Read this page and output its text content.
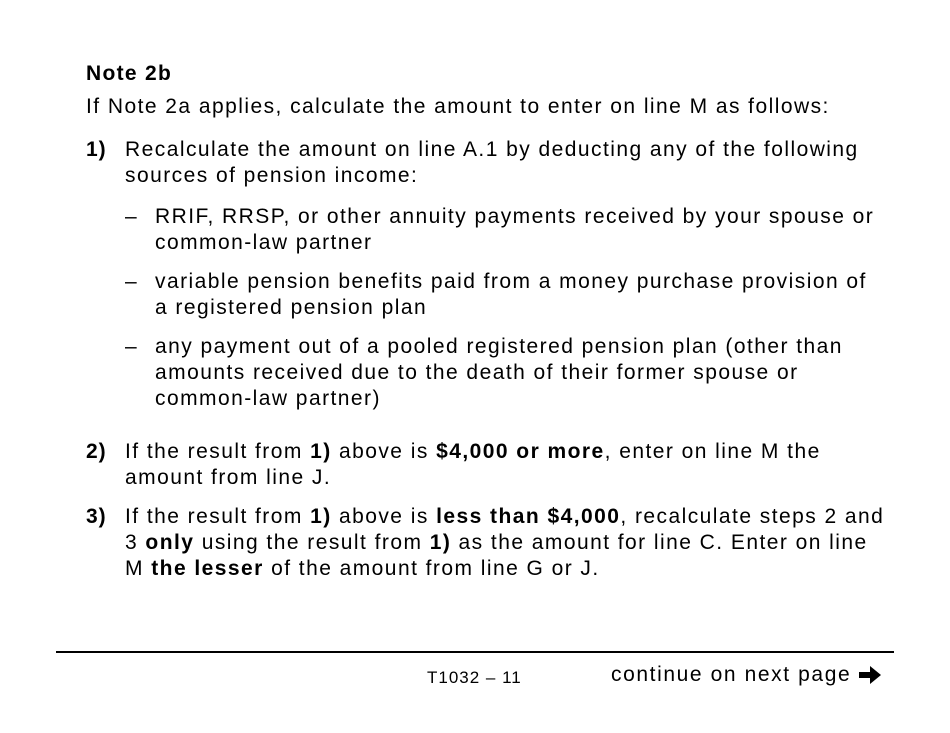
Note 2b

If Note 2a applies, calculate the amount to enter on line M as follows:

1) Recalculate the amount on line A.1 by deducting any of the following sources of pension income:
– RRIF, RRSP, or other annuity payments received by your spouse or common-law partner
– variable pension benefits paid from a money purchase provision of a registered pension plan
– any payment out of a pooled registered pension plan (other than amounts received due to the death of their former spouse or common-law partner)
2) If the result from 1) above is $4,000 or more, enter on line M the amount from line J.
3) If the result from 1) above is less than $4,000, recalculate steps 2 and 3 only using the result from 1) as the amount for line C. Enter on line M the lesser of the amount from line G or J.
T1032 – 11	continue on next page
